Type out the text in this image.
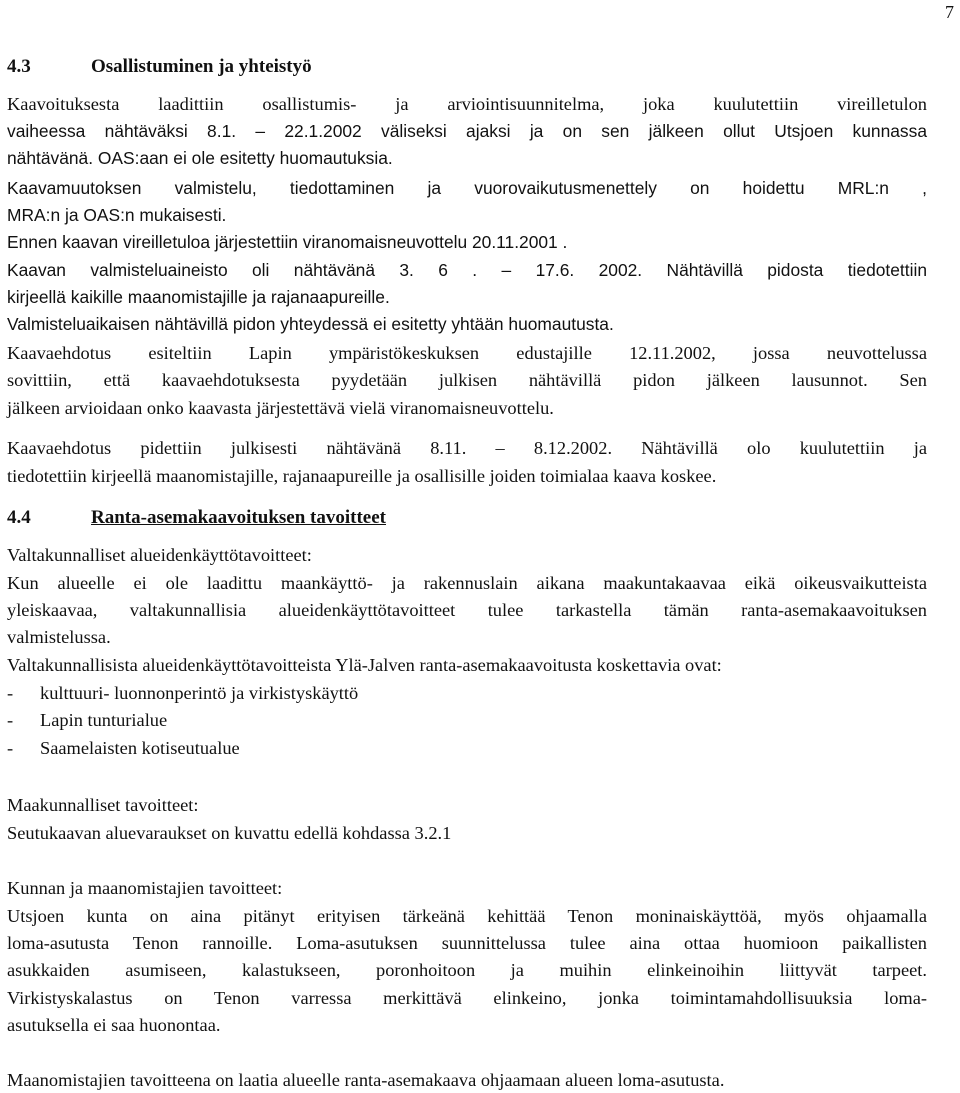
7
4.3	Osallistuminen ja yhteistyö
Kaavoituksesta laadittiin osallistumis- ja arviointisuunnitelma, joka kuulutettiin vireilletulon
vaiheessa nähtäväksi 8.1. – 22.1.2002 väliseksi ajaksi ja on sen jälkeen ollut Utsjoen kunnassa
nähtävänä. OAS:aan ei ole esitetty huomautuksia.
Kaavamuutoksen valmistelu, tiedottaminen ja vuorovaikutusmenettely on hoidettu MRL:n ,
MRA:n ja OAS:n mukaisesti.
Ennen kaavan vireilletuloa järjestettiin viranomaisneuvottelu 20.11.2001 .
Kaavan valmisteluaineisto oli nähtävänä 3. 6 . – 17.6. 2002. Nähtävillä pidosta tiedotettiin
kirjeellä kaikille maanomistajille ja rajanaapureille.
Valmisteluaikaisen nähtävillä pidon yhteydessä ei esitetty yhtään huomautusta.
Kaavaehdotus esiteltiin Lapin ympäristökeskuksen edustajille 12.11.2002, jossa neuvottelussa
sovittiin, että kaavaehdotuksesta pyydetään julkisen nähtävillä pidon jälkeen lausunnot. Sen
jälkeen arvioidaan onko kaavasta järjestettävä vielä viranomaisneuvottelu.
Kaavaehdotus pidettiin julkisesti nähtävänä 8.11. – 8.12.2002. Nähtävillä olo kuulutettiin ja
tiedotettiin kirjeellä maanomistajille, rajanaapureille ja osallisille joiden toimialaa kaava koskee.
4.4	Ranta-asemakaavoituksen tavoitteet
Valtakunnalliset alueidenkäyttötavoitteet:
Kun alueelle ei ole laadittu maankäyttö- ja rakennuslain aikana maakuntakaavaa eikä oikeusvaikutteista
yleiskaavaa, valtakunnallisia alueidenkäyttötavoitteet tulee tarkastella tämän ranta-asemakaavoituksen
valmistelussa.
Valtakunnallisista alueidenkäyttötavoitteista Ylä-Jalven ranta-asemakaavoitusta koskettavia ovat:
- kulttuuri- luonnonperintö ja virkistyskäyttö
- Lapin tunturialue
- Saamelaisten kotiseutualue
Maakunnalliset tavoitteet:
Seutukaavan aluevaraukset on kuvattu edellä kohdassa 3.2.1
Kunnan ja maanomistajien tavoitteet:
Utsjoen kunta on aina pitänyt erityisen tärkeänä kehittää Tenon moninaiskäyttöä, myös ohjaamalla
loma-asutusta Tenon rannoille. Loma-asutuksen suunnittelussa tulee aina ottaa huomioon paikallisten
asukkaiden asumiseen, kalastukseen, poronhoitoon ja muihin elinkeinoihin liittyvät tarpeet.
Virkistyskalastus on Tenon varressa merkittävä elinkeino, jonka toimintamahdollisuuksia loma-
asutuksella ei saa huonontaa.
Maanomistajien tavoitteena on laatia alueelle ranta-asemakaava ohjaamaan alueen loma-asutusta.
